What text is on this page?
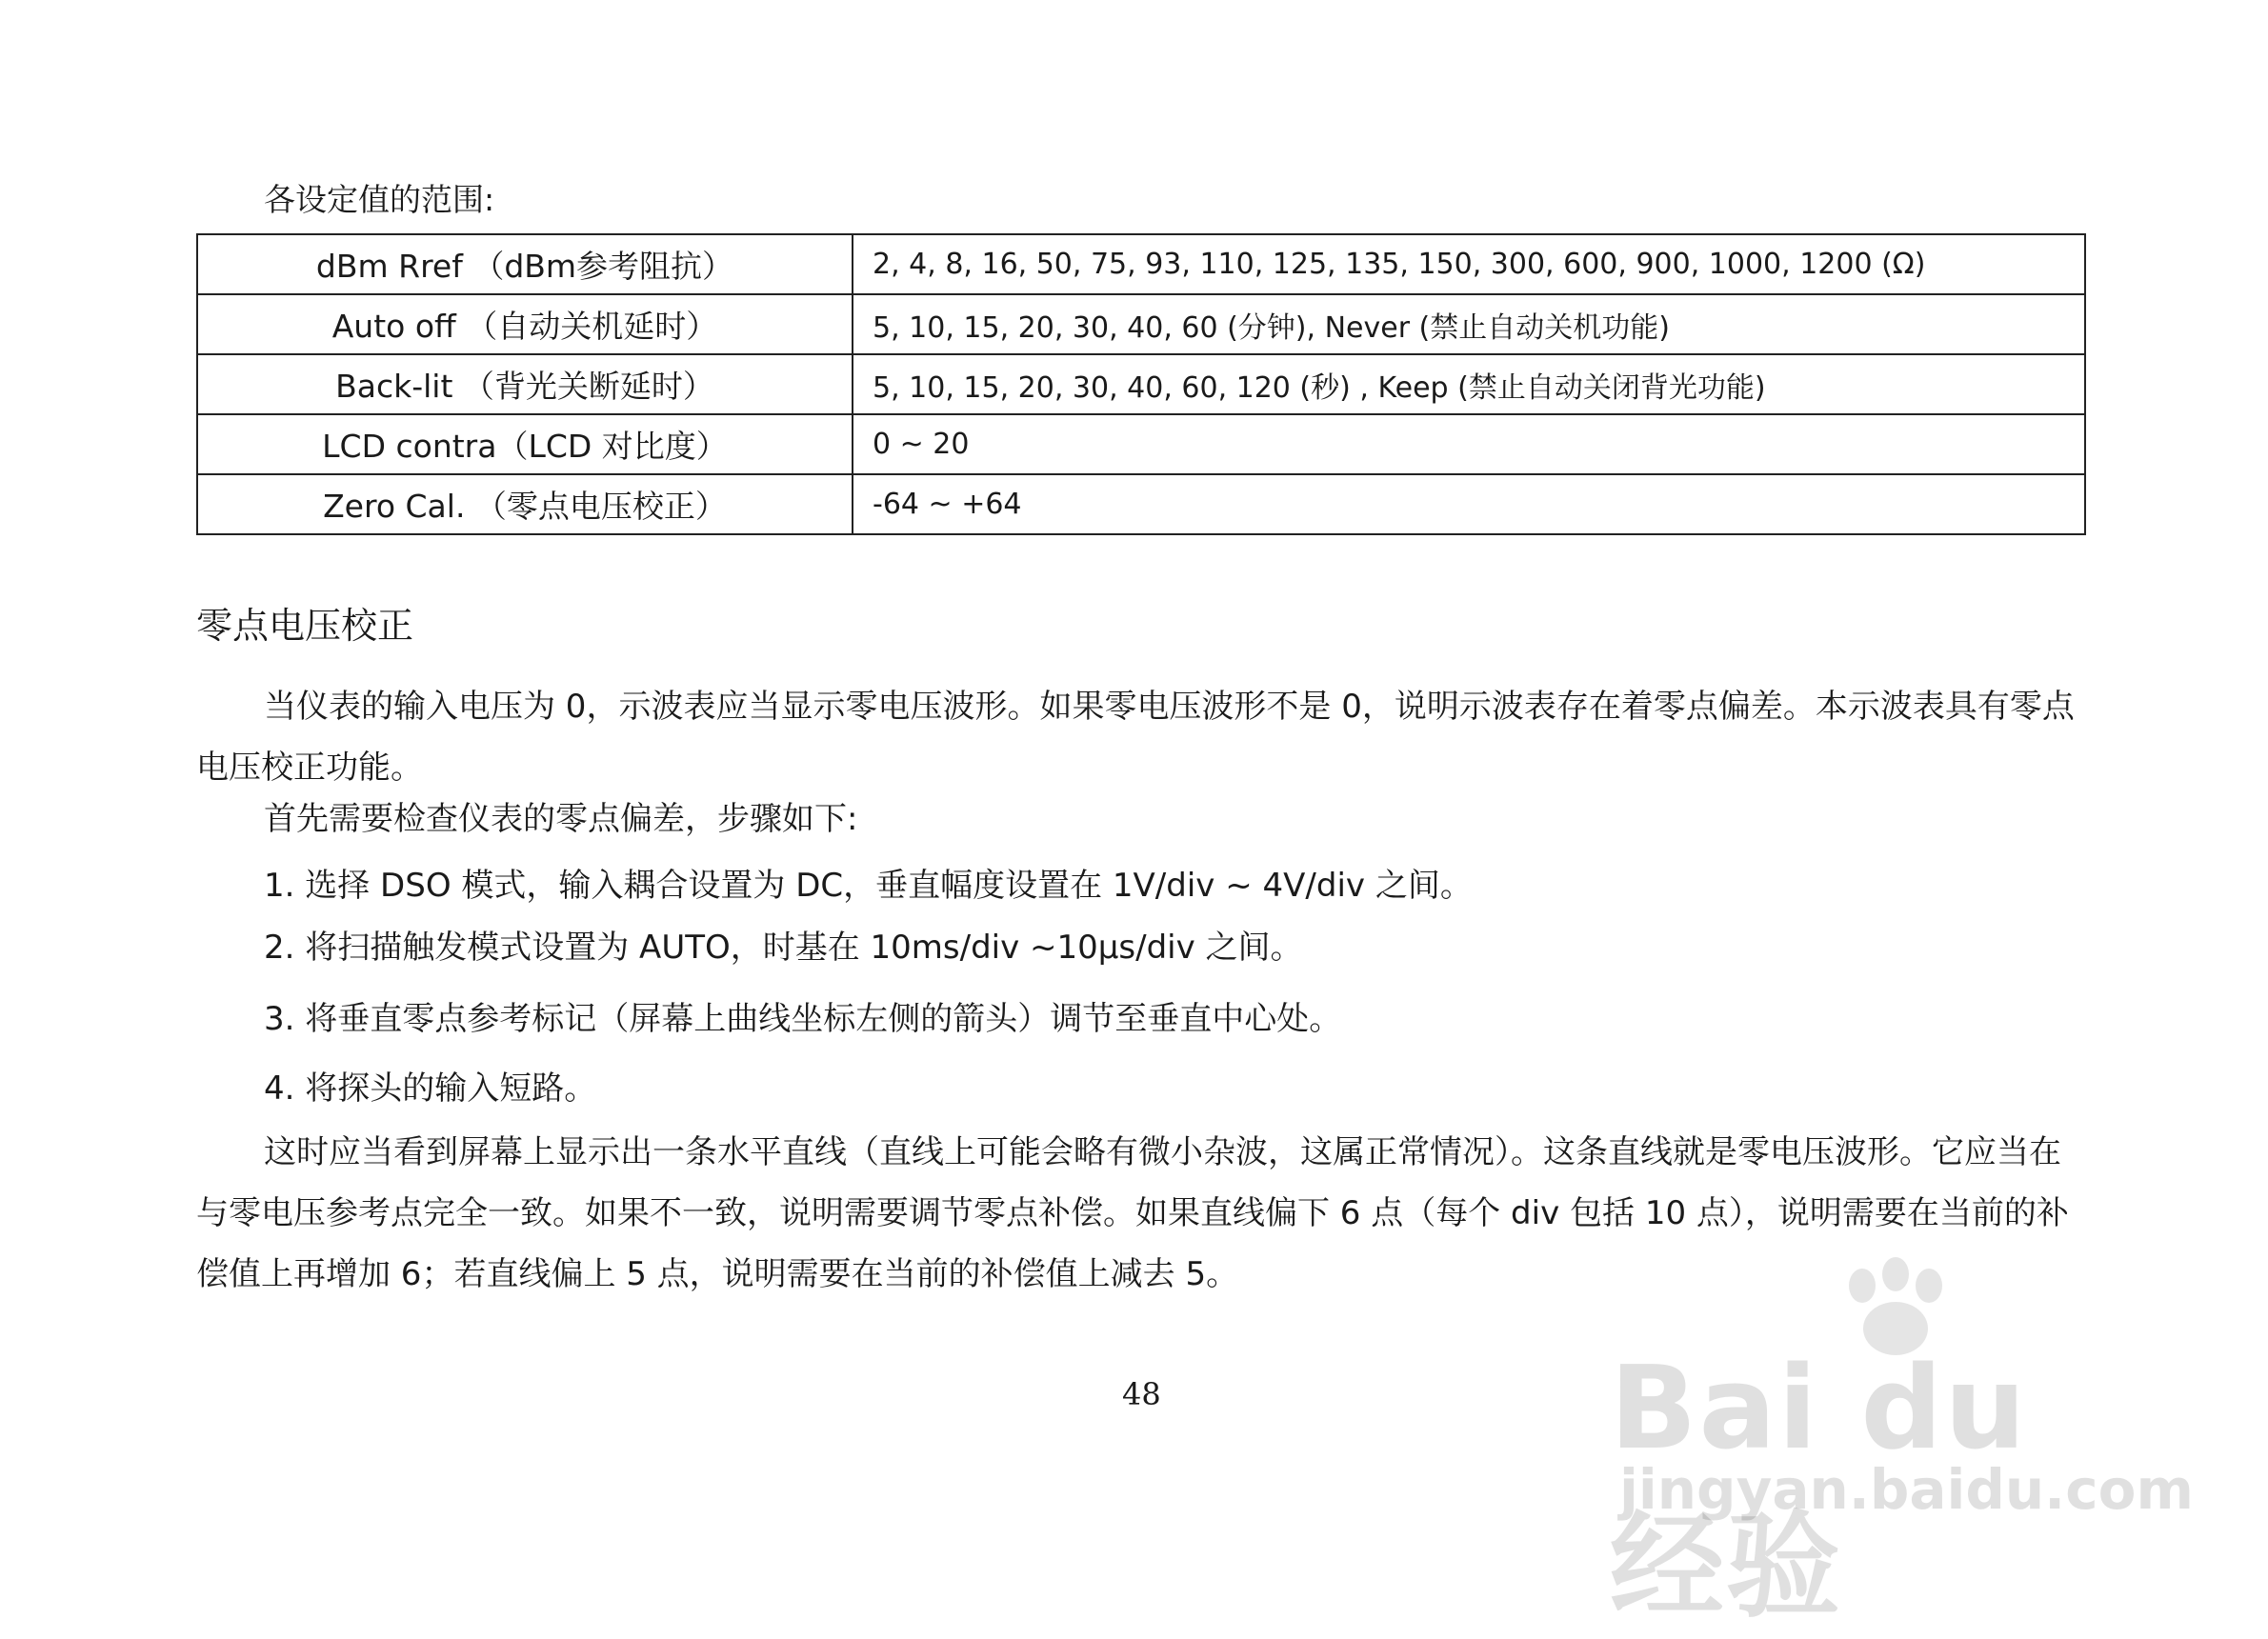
各设定值的范围:
dBm Rref （dBm参考阻抗）	2, 4, 8, 16, 50, 75, 93, 110, 125, 135, 150, 300, 600, 900, 1000, 1200 (Ω)
Auto off （自动关机延时）	5, 10, 15, 20, 30, 40, 60 (分钟), Never (禁止自动关机功能)
Back-lit （背光关断延时）	5, 10, 15, 20, 30, 40, 60, 120 (秒) , Keep (禁止自动关闭背光功能)
LCD contra（LCD 对比度）	0 ~ 20
Zero Cal. （零点电压校正）	-64 ~ +64
零点电压校正

当仪表的输入电压为 0，示波表应当显示零电压波形。如果零电压波形不是 0，说明示波表存在着零点偏差。本示波表具有零点电压校正功能。

首先需要检查仪表的零点偏差，步骤如下:

1. 选择 DSO 模式，输入耦合设置为 DC，垂直幅度设置在 1V/div ~ 4V/div 之间。

2. 将扫描触发模式设置为 AUTO，时基在 10ms/div ~10μs/div 之间。

3. 将垂直零点参考标记（屏幕上曲线坐标左侧的箭头）调节至垂直中心处。

4. 将探头的输入短路。

这时应当看到屏幕上显示出一条水平直线（直线上可能会略有微小杂波，这属正常情况）。这条直线就是零电压波形。它应当在与零电压参考点完全一致。如果不一致，说明需要调节零点补偿。如果直线偏下 6 点（每个 div 包括 10 点），说明需要在当前的补偿值上再增加 6；若直线偏上 5 点，说明需要在当前的补偿值上减去 5。

48	Bai du 经验
jingyan.baidu.com
